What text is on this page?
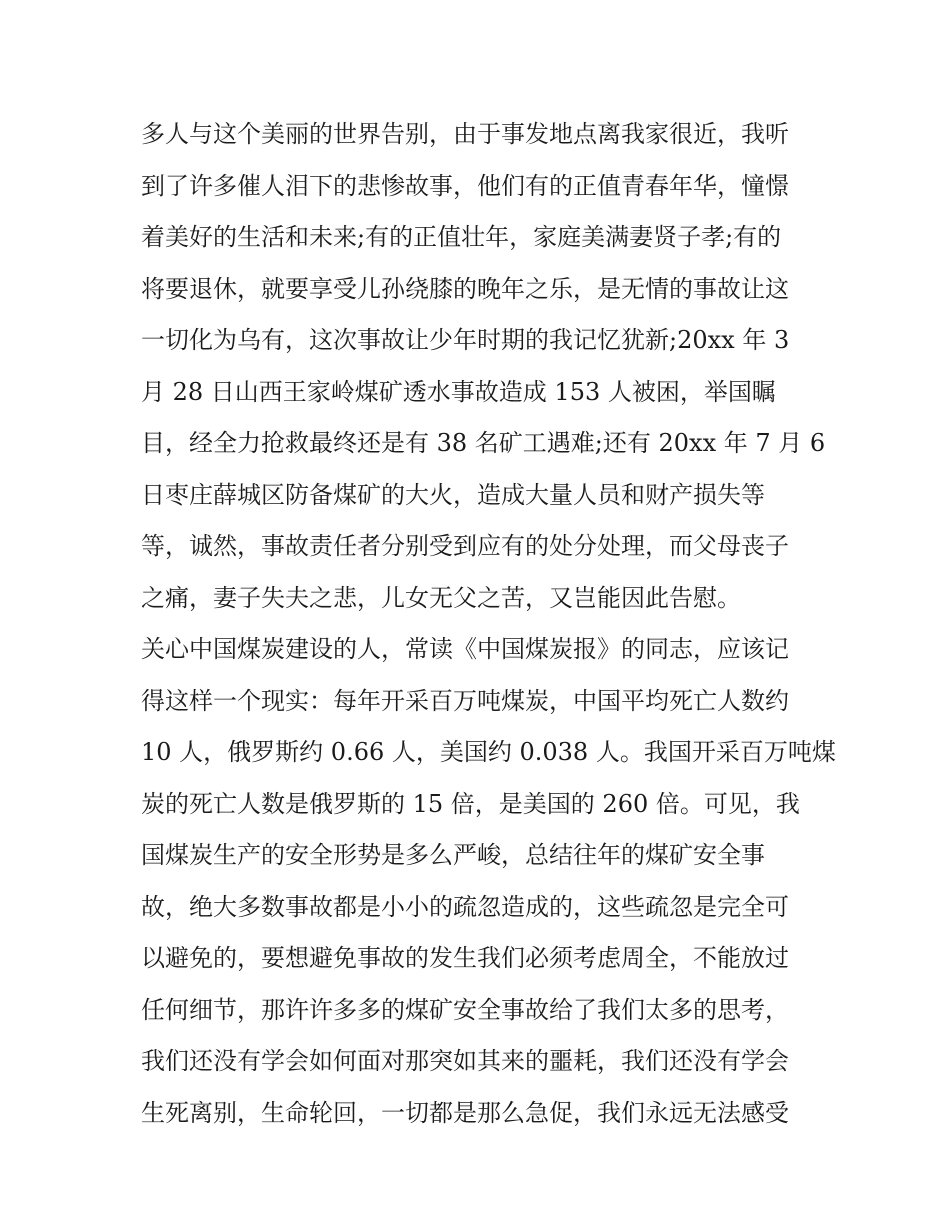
多人与这个美丽的世界告别，由于事发地点离我家很近，我听
到了许多催人泪下的悲惨故事，他们有的正值青春年华，憧憬
着美好的生活和未来;有的正值壮年，家庭美满妻贤子孝;有的
将要退休，就要享受儿孙绕膝的晚年之乐，是无情的事故让这
一切化为乌有，这次事故让少年时期的我记忆犹新;20xx 年 3
月 28 日山西王家岭煤矿透水事故造成 153 人被困，举国瞩
目，经全力抢救最终还是有 38 名矿工遇难;还有 20xx 年 7 月 6
日枣庄薛城区防备煤矿的大火，造成大量人员和财产损失等
等，诚然，事故责任者分别受到应有的处分处理，而父母丧子
之痛，妻子失夫之悲，儿女无父之苦，又岂能因此告慰。
关心中国煤炭建设的人，常读《中国煤炭报》的同志，应该记
得这样一个现实：每年开采百万吨煤炭，中国平均死亡人数约
10 人，俄罗斯约 0.66 人，美国约 0.038 人。我国开采百万吨煤
炭的死亡人数是俄罗斯的 15 倍，是美国的 260 倍。可见，我
国煤炭生产的安全形势是多么严峻，总结往年的煤矿安全事
故，绝大多数事故都是小小的疏忽造成的，这些疏忽是完全可
以避免的，要想避免事故的发生我们必须考虑周全，不能放过
任何细节，那许许多多的煤矿安全事故给了我们太多的思考，
我们还没有学会如何面对那突如其来的噩耗，我们还没有学会
生死离别，生命轮回，一切都是那么急促，我们永远无法感受
